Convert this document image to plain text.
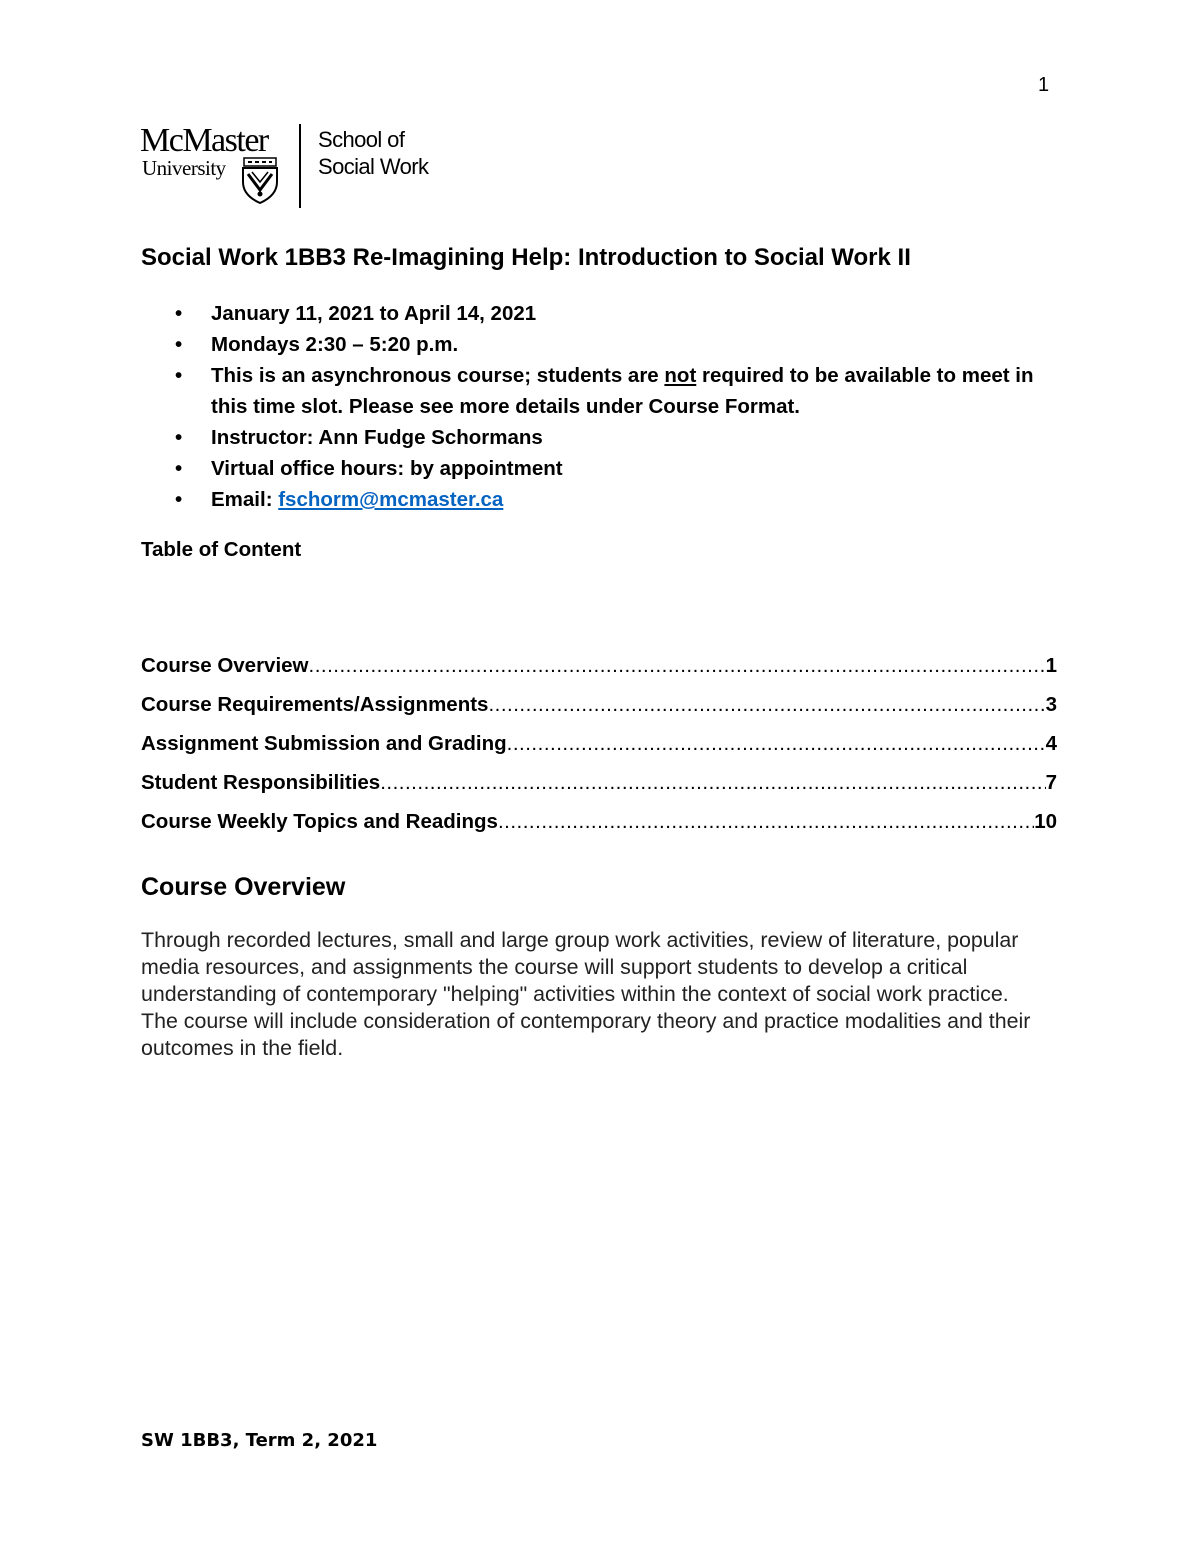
1
McMaster
University
School of
Social Work
Social Work 1BB3 Re-Imagining Help: Introduction to Social Work II
• January 11, 2021 to April 14, 2021
• Mondays 2:30 – 5:20 p.m.
• This is an asynchronous course; students are not required to be available to meet in this time slot. Please see more details under Course Format.
• Instructor: Ann Fudge Schormans
• Virtual office hours: by appointment
• Email: fschorm@mcmaster.ca
Table of Content
Course Overview .....	1
Course Requirements/Assignments .....	3
Assignment Submission and Grading .....	4
Student Responsibilities .....	7
Course Weekly Topics and Readings .....	10
Course Overview
Through recorded lectures, small and large group work activities, review of literature, popular media resources, and assignments the course will support students to develop a critical understanding of contemporary "helping" activities within the context of social work practice. The course will include consideration of contemporary theory and practice modalities and their outcomes in the field.
SW 1BB3, Term 2, 2021
